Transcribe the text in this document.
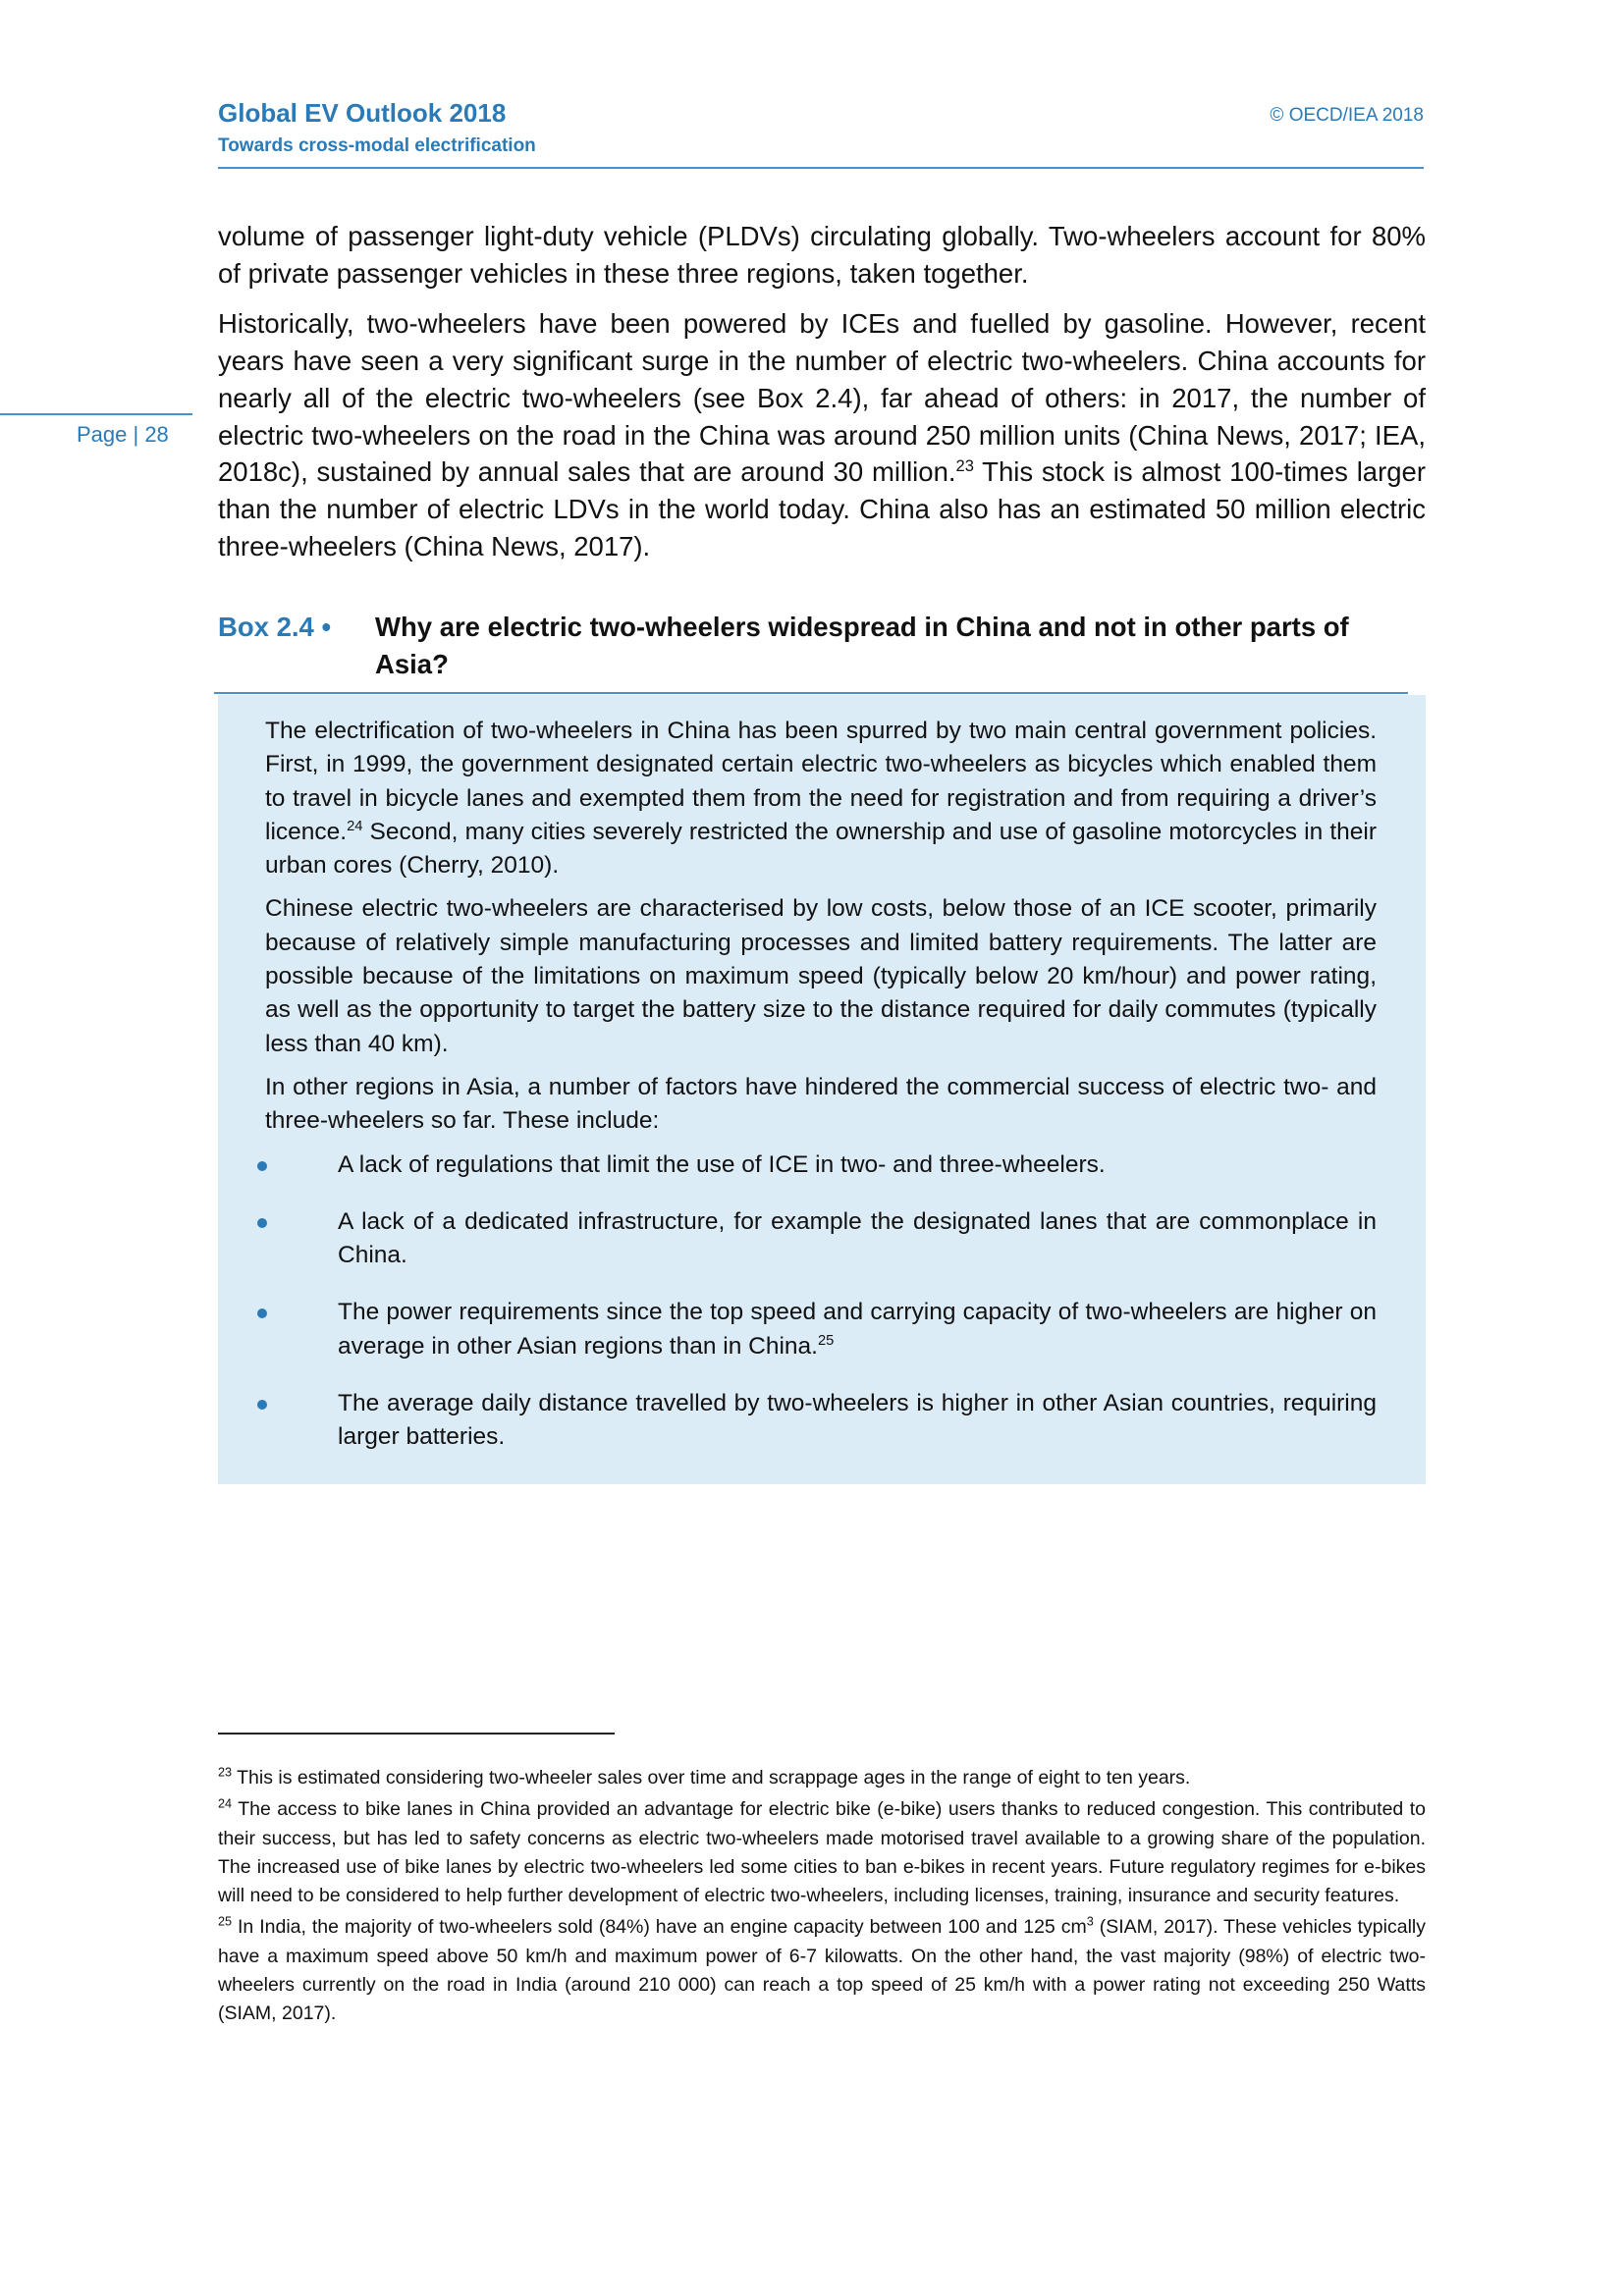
Global EV Outlook 2018
Towards cross-modal electrification
© OECD/IEA 2018
Page | 28

volume of passenger light-duty vehicle (PLDVs) circulating globally. Two-wheelers account for 80% of private passenger vehicles in these three regions, taken together.

Historically, two-wheelers have been powered by ICEs and fuelled by gasoline. However, recent years have seen a very significant surge in the number of electric two-wheelers. China accounts for nearly all of the electric two-wheelers (see Box 2.4), far ahead of others: in 2017, the number of electric two-wheelers on the road in the China was around 250 million units (China News, 2017; IEA, 2018c), sustained by annual sales that are around 30 million.$^{23}$ This stock is almost 100-times larger than the number of electric LDVs in the world today. China also has an estimated 50 million electric three-wheelers (China News, 2017).

Box 2.4 • Why are electric two-wheelers widespread in China and not in other parts of Asia?

The electrification of two-wheelers in China has been spurred by two main central government policies. First, in 1999, the government designated certain electric two-wheelers as bicycles which enabled them to travel in bicycle lanes and exempted them from the need for registration and from requiring a driver’s licence.$^{24}$ Second, many cities severely restricted the ownership and use of gasoline motorcycles in their urban cores (Cherry, 2010).

Chinese electric two-wheelers are characterised by low costs, below those of an ICE scooter, primarily because of relatively simple manufacturing processes and limited battery requirements. The latter are possible because of the limitations on maximum speed (typically below 20 km/hour) and power rating, as well as the opportunity to target the battery size to the distance required for daily commutes (typically less than 40 km).

In other regions in Asia, a number of factors have hindered the commercial success of electric two- and three-wheelers so far. These include:

A lack of regulations that limit the use of ICE in two- and three-wheelers.
A lack of a dedicated infrastructure, for example the designated lanes that are commonplace in China.
The power requirements since the top speed and carrying capacity of two-wheelers are higher on average in other Asian regions than in China.$^{25}$
The average daily distance travelled by two-wheelers is higher in other Asian countries, requiring larger batteries.

$^{23}$ This is estimated considering two-wheeler sales over time and scrappage ages in the range of eight to ten years.

$^{24}$ The access to bike lanes in China provided an advantage for electric bike (e-bike) users thanks to reduced congestion. This contributed to their success, but has led to safety concerns as electric two-wheelers made motorised travel available to a growing share of the population. The increased use of bike lanes by electric two-wheelers led some cities to ban e-bikes in recent years. Future regulatory regimes for e-bikes will need to be considered to help further development of electric two-wheelers, including licenses, training, insurance and security features.

$^{25}$ In India, the majority of two-wheelers sold (84%) have an engine capacity between 100 and 125 $cm^3$ (SIAM, 2017). These vehicles typically have a maximum speed above 50 km/h and maximum power of 6-7 kilowatts. On the other hand, the vast majority (98%) of electric two-wheelers currently on the road in India (around 210 000) can reach a top speed of 25 km/h with a power rating not exceeding 250 Watts (SIAM, 2017).
